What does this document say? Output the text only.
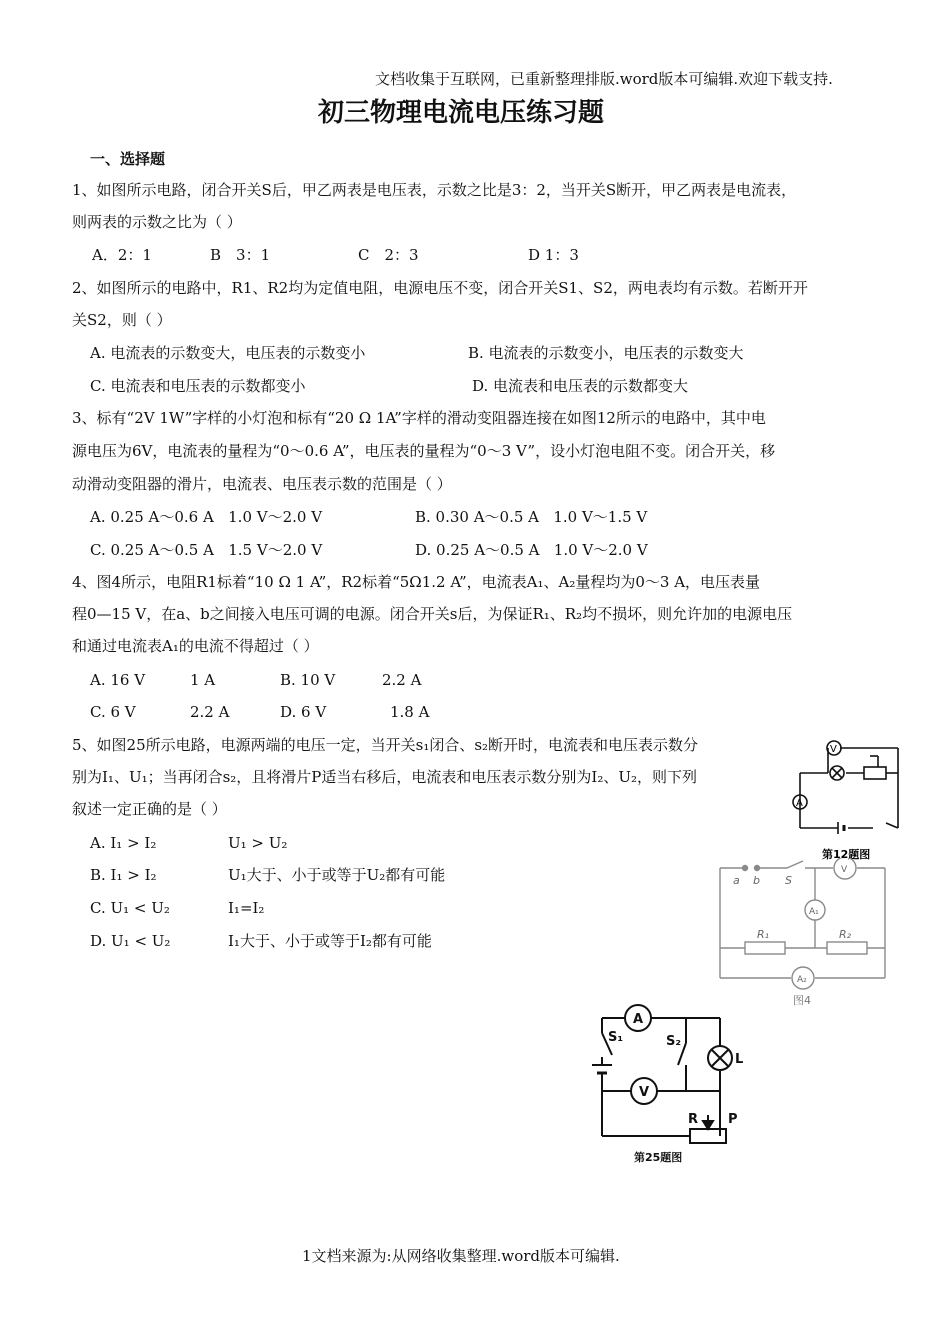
文档收集于互联网，已重新整理排版.word版本可编辑.欢迎下载支持.
初三物理电流电压练习题
一、选择题
1、如图所示电路，闭合开关S后，甲乙两表是电压表，示数之比是3：2，当开关S断开，甲乙两表是电流表，
则两表的示数之比为（ ）
A．2：1	B　3：1	C　2：3	D 1：3
2、如图所示的电路中，R1、R2均为定值电阻，电源电压不变，闭合开关S1、S2，两电表均有示数。若断开开
关S2，则（ ）
A. 电流表的示数变大，电压表的示数变小	B. 电流表的示数变小，电压表的示数变大
C. 电流表和电压表的示数都变小	D. 电流表和电压表的示数都变大
3、标有“2V 1W”字样的小灯泡和标有“20 Ω 1A”字样的滑动变阻器连接在如图12所示的电路中，其中电
源电压为6V，电流表的量程为“0～0.6 A”，电压表的量程为“0～3 V”，设小灯泡电阻不变。闭合开关，移
动滑动变阻器的滑片，电流表、电压表示数的范围是（ ）
A. 0.25 A～0.6 A   1.0 V～2.0 V	B. 0.30 A～0.5 A   1.0 V～1.5 V
C. 0.25 A～0.5 A   1.5 V～2.0 V	D. 0.25 A～0.5 A   1.0 V～2.0 V
4、图4所示，电阻R1标着“10 Ω 1 A”，R2标着“5Ω1.2 A”，电流表A₁、A₂量程均为0～3 A，电压表量
程0—15 V，在a、b之间接入电压可调的电源。闭合开关s后，为保证R₁、R₂均不损坏，则允许加的电源电压
和通过电流表A₁的电流不得超过（ ）
A. 16 V	1 A	B. 10 V	2.2 A
C. 6 V	2.2 A	D. 6 V	1.8 A
5、如图25所示电路，电源两端的电压一定，当开关s₁闭合、s₂断开时，电流表和电压表示数分
别为I₁、U₁；当再闭合s₂，且将滑片P适当右移后，电流表和电压表示数分别为I₂、U₂，则下列
叙述一定正确的是（ ）
A. I₁ > I₂	U₁ > U₂
B. I₁ > I₂	U₁大于、小于或等于U₂都有可能
C. U₁ < U₂	I₁=I₂
D. U₁ < U₂	I₁大于、小于或等于I₂都有可能
V
A
第12题图
a b S
R₁	R₂
V
A₁
A₂
图4
A
V
S₁	S₂
L
R P
第25题图
1文档来源为:从网络收集整理.word版本可编辑.
